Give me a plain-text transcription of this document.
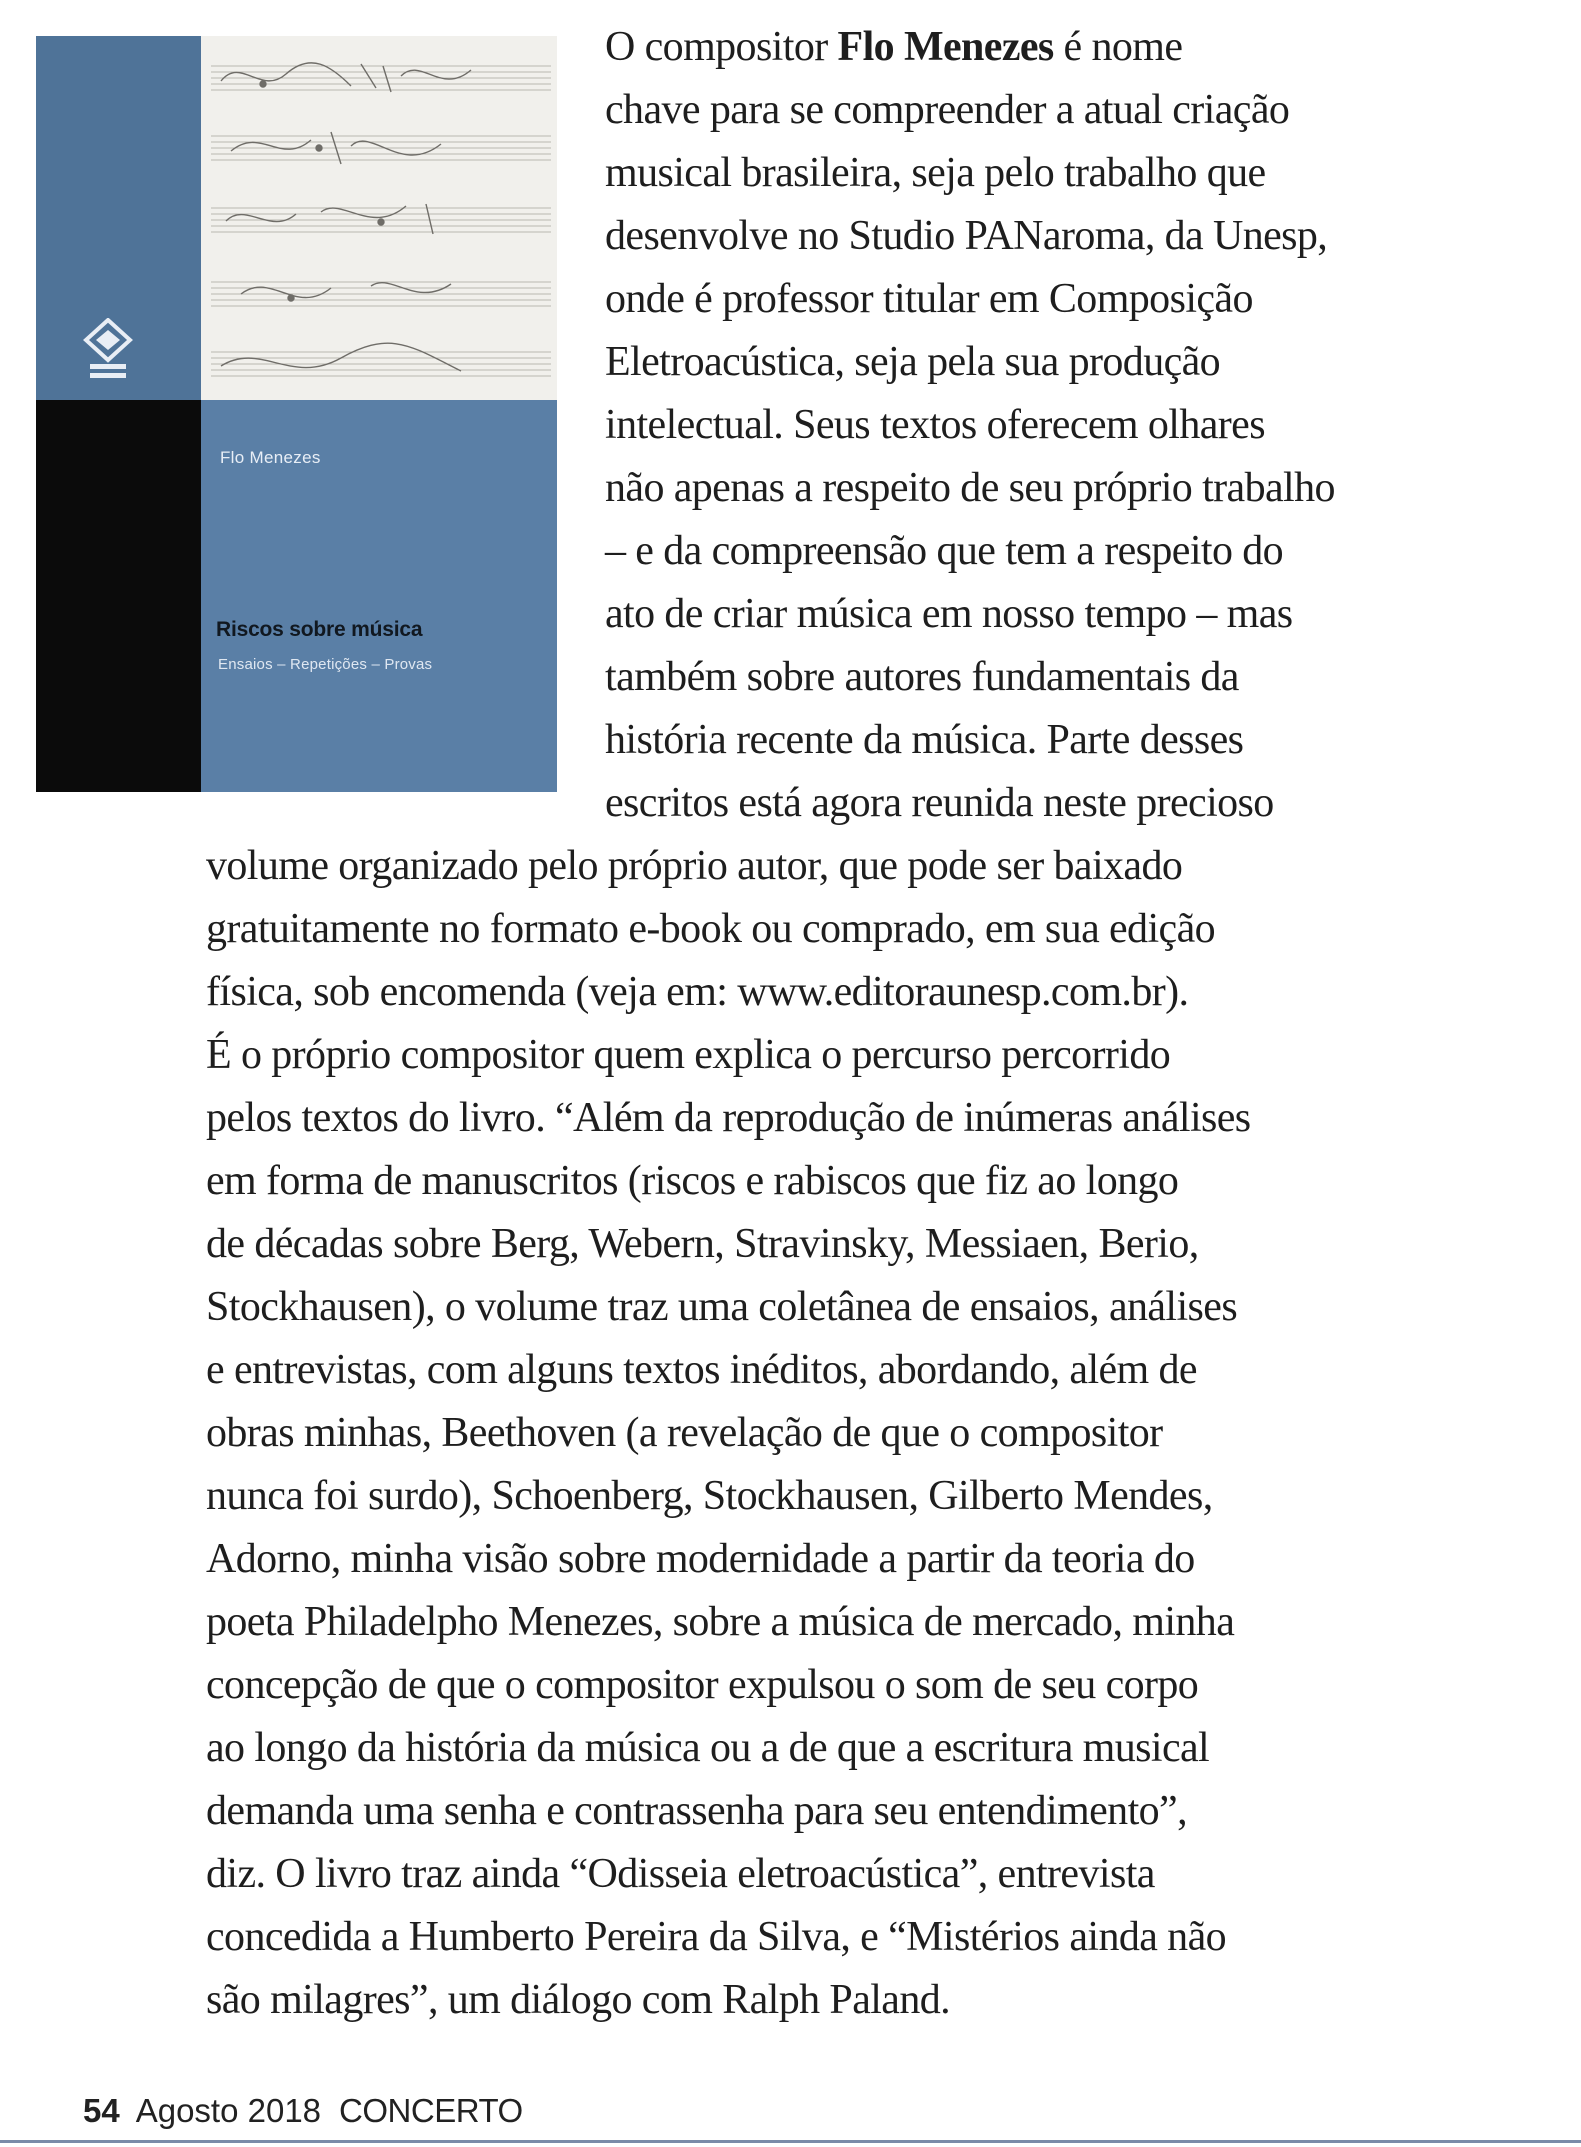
Flo Menezes
Riscos sobre música
Ensaios – Repetições – Provas
O compositor Flo Menezes é nome
chave para se compreender a atual criação
musical brasileira, seja pelo trabalho que
desenvolve no Studio PANaroma, da Unesp,
onde é professor titular em Composição
Eletroacústica, seja pela sua produção
intelectual. Seus textos oferecem olhares
não apenas a respeito de seu próprio trabalho
– e da compreensão que tem a respeito do
ato de criar música em nosso tempo – mas
também sobre autores fundamentais da
história recente da música. Parte desses
escritos está agora reunida neste precioso
volume organizado pelo próprio autor, que pode ser baixado
gratuitamente no formato e-book ou comprado, em sua edição
física, sob encomenda (veja em: www.editoraunesp.com.br).
É o próprio compositor quem explica o percurso percorrido
pelos textos do livro. “Além da reprodução de inúmeras análises
em forma de manuscritos (riscos e rabiscos que fiz ao longo
de décadas sobre Berg, Webern, Stravinsky, Messiaen, Berio,
Stockhausen), o volume traz uma coletânea de ensaios, análises
e entrevistas, com alguns textos inéditos, abordando, além de
obras minhas, Beethoven (a revelação de que o compositor
nunca foi surdo), Schoenberg, Stockhausen, Gilberto Mendes,
Adorno, minha visão sobre modernidade a partir da teoria do
poeta Philadelpho Menezes, sobre a música de mercado, minha
concepção de que o compositor expulsou o som de seu corpo
ao longo da história da música ou a de que a escritura musical
demanda uma senha e contrassenha para seu entendimento”,
diz. O livro traz ainda “Odisseia eletroacústica”, entrevista
concedida a Humberto Pereira da Silva, e “Mistérios ainda não
são milagres”, um diálogo com Ralph Paland.
54 Agosto 2018 CONCERTO
